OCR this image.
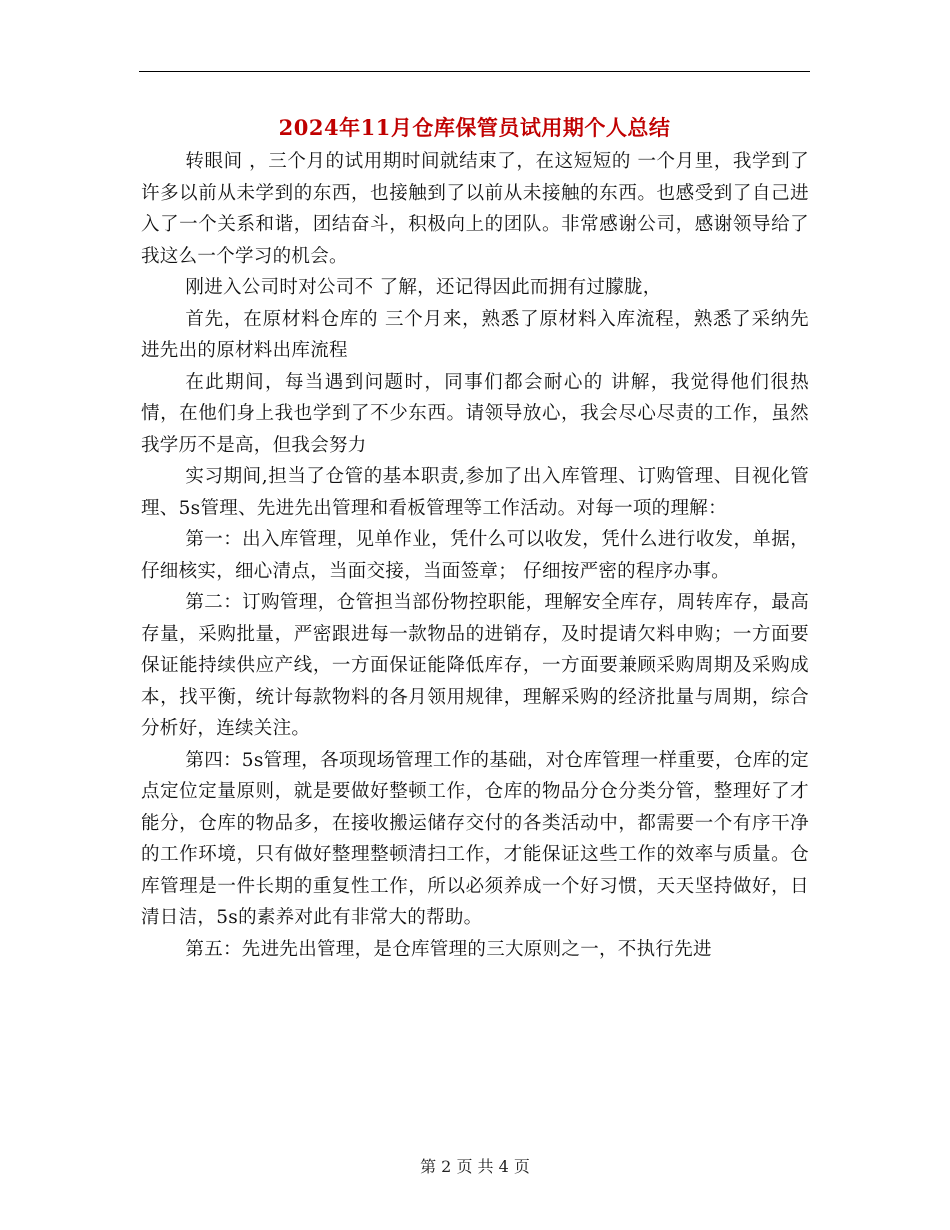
2024年11月仓库保管员试用期个人总结

转眼间 ，三个月的试用期时间就结束了，在这短短的 一个月里，我学到了许多以前从未学到的东西，也接触到了以前从未接触的东西。也感受到了自己进入了一个关系和谐，团结奋斗，积极向上的团队。非常感谢公司，感谢领导给了我这么一个学习的机会。

刚进入公司时对公司不 了解，还记得因此而拥有过朦胧，

首先，在原材料仓库的 三个月来，熟悉了原材料入库流程，熟悉了采纳先进先出的原材料出库流程

在此期间，每当遇到问题时，同事们都会耐心的 讲解，我觉得他们很热情，在他们身上我也学到了不少东西。请领导放心，我会尽心尽责的工作，虽然我学历不是高，但我会努力

实习期间,担当了仓管的基本职责,参加了出入库管理、订购管理、目视化管理、5s管理、先进先出管理和看板管理等工作活动。对每一项的理解：

第一：出入库管理，见单作业，凭什么可以收发，凭什么进行收发，单据，仔细核实，细心清点，当面交接，当面签章； 仔细按严密的程序办事。

第二：订购管理，仓管担当部份物控职能，理解安全库存，周转库存，最高存量，采购批量，严密跟进每一款物品的进销存，及时提请欠料申购；一方面要保证能持续供应产线，一方面保证能降低库存，一方面要兼顾采购周期及采购成本，找平衡，统计每款物料的各月领用规律，理解采购的经济批量与周期，综合分析好，连续关注。

第四：5s管理，各项现场管理工作的基础，对仓库管理一样重要，仓库的定点定位定量原则，就是要做好整顿工作，仓库的物品分仓分类分管，整理好了才能分，仓库的物品多，在接收搬运储存交付的各类活动中，都需要一个有序干净的工作环境，只有做好整理整顿清扫工作，才能保证这些工作的效率与质量。仓库管理是一件长期的重复性工作，所以必须养成一个好习惯，天天坚持做好，日清日洁，5s的素养对此有非常大的帮助。

第五：先进先出管理，是仓库管理的三大原则之一，不执行先进

第 2 页 共 4 页
